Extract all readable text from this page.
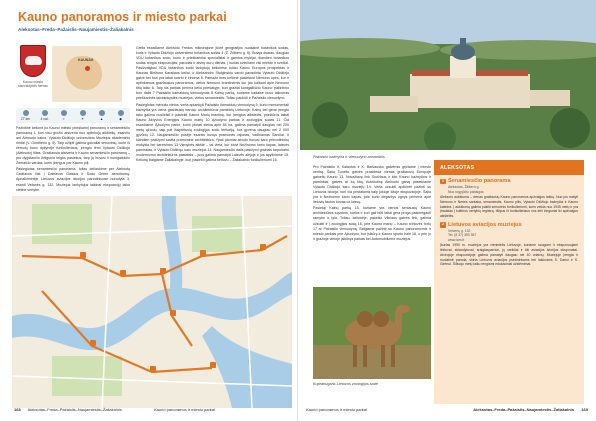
Kauno panoramos ir miesto parkai
Aleksotas–Freda–Pažaislis–Naujamiestis–Žaliakalnis
Kauno miesto savivaldybės herbas
KAUNAS
27 km	4 val.	≈	☀	▲	◆

Pažintinė kelionė po Kauno miesto prieškarinį panoramų ir senamiesčio panoramą 1, kuri visu grožiu atsiveria nuo aplinkujų aikštelių, esančiu ant Aleksoto kalno. Vytauto Didžiojo universiteto Muziejus akademinis rimtai (V. Guntherio g. 5). Taip užlipti galima gaivaliai senovinių, kurie iš žemuių buvo dykynėje funikulieriaus, įrengtu lėmi Vytauto Didžiojo (Aleksoto) tiltas. Gražiausia atsiveria ir Kauno senamiesčio panoramą – pro dygstančio žvilgsnio teigus pasiekus, tarp jų buvusi ir kunigaikščio Žemaičio vardas, kuris įžengus per Kauno pilį.

Pasiegiotas senamiesčio panorama, toliau keliaukime per Aleksotą Gaižiavos link į Dainavos Gaisius ir Sodo Grime aerodromą. Apnaikiminėje Lietuvos aviacijos istorijos parodiniuose nurodyta 3, esanti Vetanės g. 132. Muziejus lankytojus laikinai ekspozicijų laiko vietine vertybe.

Greta esančiame Aleksoto Fredos mikrorajone įkūrė geografijos nuokalnė botanikos sodas, kuris ir Vytauto Didžiojo universiteto botanikos sodas 4 (Ž. Žilibero g. 6). Buvęs dvaras, daugiau VDU botanikos sodo, kurio ir prieškariniai specialistai ir gamtos mylėjai, šiandien botanikos sodas rengia ekspozicijas, parodas ir atvirų durų dienas, į kurias kviečiami visi miesto ir svečiai. Pasižvalgiusi VDU botanikos sodo lankytojų kelionėse toliau Kauno Europos prospektas ir Kaunas Birštono Karaliaus keliai, o Aleksandro Stulginskio vardo pavadinta Vytauto Didžiojo gatvė bei kuri yra labai svarbi ir žinoma 5. Pamažu mes kelionė pasiekusi Nemuno upės, kur ir aptinkamos gražiausios panoramos, vietos Nemuno krantinėmis kur jau kalbant apie Nemuno tiltą laiko 6. Taip šis parkas perima kelio priešakyje, kuri gražiai kunigaikščio Kauno pažintinio turo dalis 7 Pažaislio kamaldulų vienuolynas 8 Kalnų parką, kuriame kadaise buvo laikomas prieškarinės laivininkystės muziejus, vietos senamiestis. Toliau paukšti ir Pažaislio vienuolyno.

Pasiegiotas mėnulio vietos, verta aplankyti Pažaislio kamaldulų vienuolyną 9, kurio monumentali bažnyčia yra viena gražiausių baroko architektūros paminklų Lietuvoje. Kalnų bei gerai įrengtu taku galima nusileisti ir pasiekti Kauno Marių krantinę, kur įrengtos aikštelės, priežiūros laikai Kauno Aktyvios Energijos Kauno marių 10 Ąžuolyno parkas ir zoologijos sodas 11. Čia esančiame Ąžuolyno parke, kurio plotas siekia apie 84 ha, galima pamatyti daugiau nei 200 metų ąžuolų, taip pat išsiplėtusią zoologijos sodo teritoriją, kur gyvena daugiau nei 2 000 gyvūnų 12. Naujamiesčio pusėje esantis buvęs pramonės rajonas, vadinamas Šančiai, ir šiandien pasižymi savita pramonine architektūra. Ypač įdomiai atrodo buvusi karo prievolininkų mokykla bei kareivinės 13 Vienybės aikštė – tai vieta, kur stovi Nežinomo kario kapas, laisvės paminklas, ir Vytauto Didžiojo karo muziejus 14. Naujamiesčio dalis pasižymi gražiais tarpukario modernizmo architektūros pastatais – juos galima pamatyti Laisvės alėjoje ir jos apylinkėse 15. Kelionę baigiame Žaliakalnyje, kurį pasiekti galima keltuvu – Žaliakalnio funikulieriumi 16.

168 Aleksotas–Freda–Pažaislis–Naujamiestis–Žaliakalnis
Pažaislio bažnyčia ir vienuolyno ansamblis

Pro Pažaislio II, Kalantos ir K. Baršausko gatvėmis grįžtame į miesto centrą. Šalia Tunelio gatvės prasideda vienas gražiausių Europoje gatvelių Kauno 13. Nuvažiavę link Sodžiaus ir kito Kauno bažnyčios ir paminklai, gatvės ar ką kitą, Aukštutinę Aleksoto gatvę pasiekiame Vytauto Didžiojo karo muziejų 14. Verta užsukti apžiūrėti pažinti su Lietuvos istorija, kuri čia pristatoma kaip jokioje kitoje ekspozicijoje. Šalia yra ir Nežinomo kario kapas, prie kurio degantys ugnys primena apie lietuvių tautos kovas už laisvę.

Pasiekę Kalnų parką 15, kuriame yra vienos seniausių Kauno architektūros sąvokos, kurios ir kuri gali būti labai gera proga pasimėgauti ramybe ir tyla. Toliau, kelionėje, pakeliui Vilniaus gatvės link, galima užsukti ir į zoologijos sodą 16, prie Kauno marių – Kauno tvirtovės fortų 17 ar Pažaislio vienuolyną. Baigiame pažintį su Kauno panoramomis ir miesto parkais prie Ąžuolyno, kur įsikūrę ir Kauno sporto halė 18, o prie jo ir gražioje vietoje įsikūręs parkas bei Automobilizmo muziejus.

Kupranugaris Lietuvos zoologijos sode
ALEKSOTAS
1 Senamiesčio panorama
Aleksotas, Žilibero g.
Nuo rugpjūčio pabaigos
Aleksoto aukštuma – vienas gražiausių Kauno panoramos apžvalgos taškų. Nuo jos matyti Nemuno ir Neries santaka, senamiestis, Kauno pilis, Vytauto Didžiojo bažnyčia ir Kauno katedra. Į aukštumą galima pakilti senoviniu funikulieriumi, kuris veikia nuo 1935 metų ir yra įtrauktas į kultūros vertybių registrą. Išlipus iš funikulieriaus vos keli žingsniai iki apžvalgos aikštelės.
2 Lietuvos aviacijos muziejus
Veiverių g. 132
Tel. (8 37) 390 357
www.lam.lt
Įkurtas 1990 m. muziejus yra vienintelis Lietuvoje, kuriame saugomi ir eksponuojami lėktuvai, sklandytuvai, sraigtasparniai, jų varikliai ir kiti aviacijos istorijos eksponatai. Atvirojoje ekspozicijoje galima pamatyti daugiau nei 40 orlaivių. Muziejuje įrengta ir nuolatinė paroda, skirta Lietuvos aviacijos pradininkams bei lakūnams S. Dariui ir S. Girėnui. Šiltuoju metų laiku rengiami edukaciniai užsiėmimai.
Kauno panoramos ir miesto parkai	Kauno panoramos ir miesto parkai	Aleksotas–Freda–Pažaislis–Naujamiestis–Žaliakalnis 169
